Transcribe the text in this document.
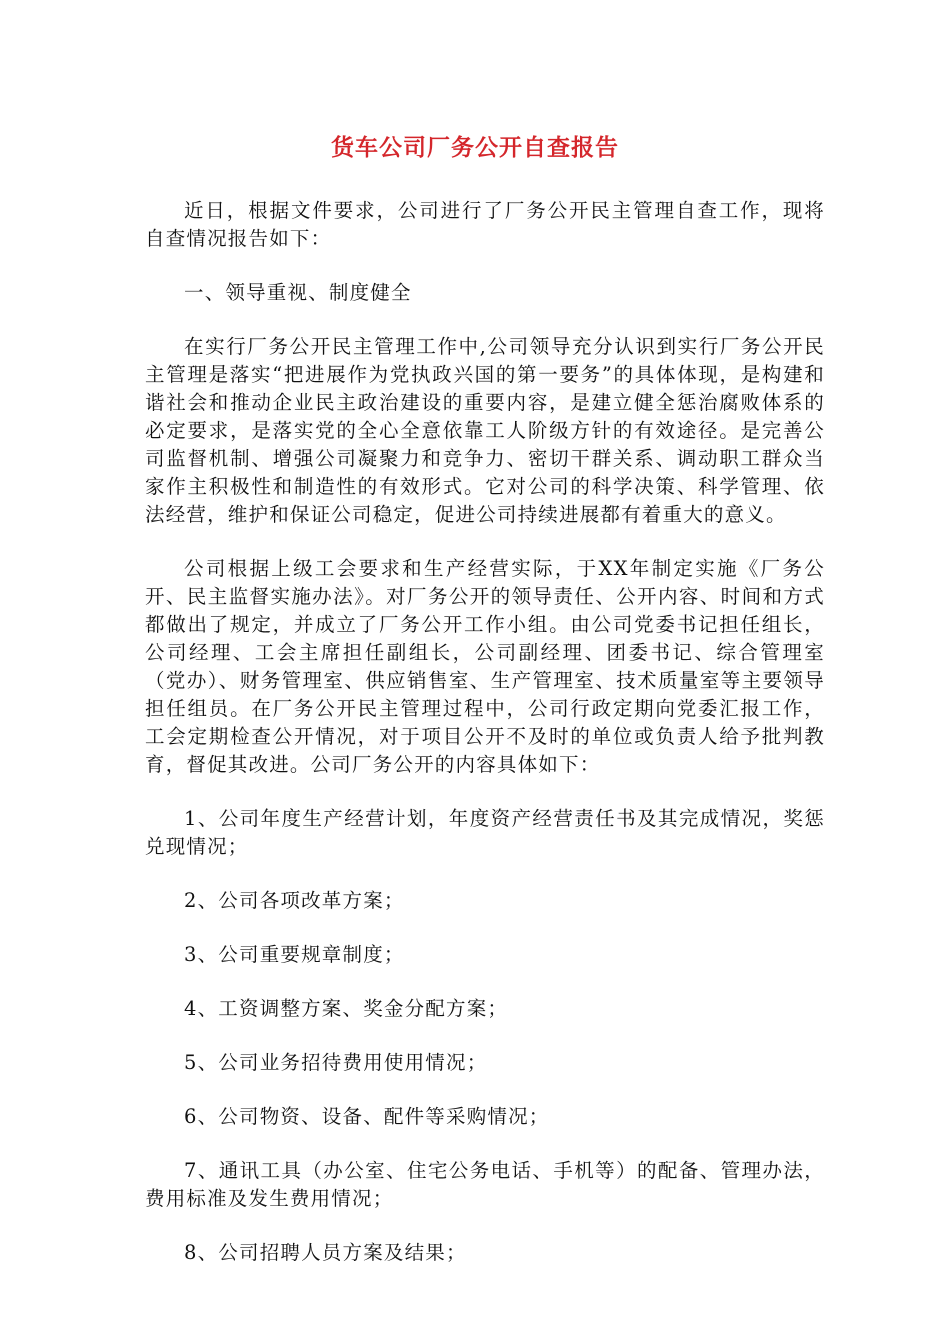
货车公司厂务公开自查报告

近日，根据文件要求，公司进行了厂务公开民主管理自查工作，现将自查情况报告如下：

一、领导重视、制度健全

在实行厂务公开民主管理工作中,公司领导充分认识到实行厂务公开民主管理是落实“把进展作为党执政兴国的第一要务”的具体体现，是构建和谐社会和推动企业民主政治建设的重要内容，是建立健全惩治腐败体系的必定要求，是落实党的全心全意依靠工人阶级方针的有效途径。是完善公司监督机制、增强公司凝聚力和竞争力、密切干群关系、调动职工群众当家作主积极性和制造性的有效形式。它对公司的科学决策、科学管理、依法经营，维护和保证公司稳定，促进公司持续进展都有着重大的意义。

公司根据上级工会要求和生产经营实际，于XX年制定实施《厂务公开、民主监督实施办法》。对厂务公开的领导责任、公开内容、时间和方式都做出了规定，并成立了厂务公开工作小组。由公司党委书记担任组长，公司经理、工会主席担任副组长，公司副经理、团委书记、综合管理室（党办）、财务管理室、供应销售室、生产管理室、技术质量室等主要领导担任组员。在厂务公开民主管理过程中，公司行政定期向党委汇报工作，工会定期检查公开情况，对于项目公开不及时的单位或负责人给予批判教育，督促其改进。公司厂务公开的内容具体如下：

1、公司年度生产经营计划，年度资产经营责任书及其完成情况，奖惩兑现情况；

2、公司各项改革方案；

3、公司重要规章制度；

4、工资调整方案、奖金分配方案；

5、公司业务招待费用使用情况；

6、公司物资、设备、配件等采购情况；

7、通讯工具（办公室、住宅公务电话、手机等）的配备、管理办法，费用标准及发生费用情况；

8、公司招聘人员方案及结果；
